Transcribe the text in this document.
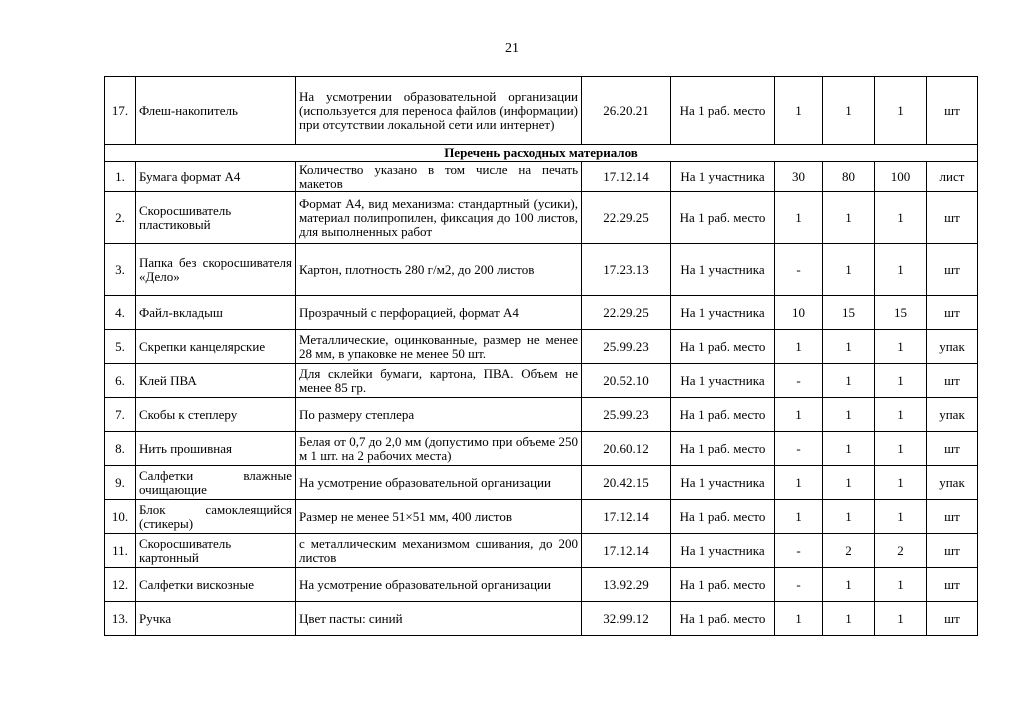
21
17.	Флеш-накопитель	На усмотрении образовательной организации (используется для переноса файлов (информации) при отсутствии локальной сети или интернет)	26.20.21	На 1 раб. место	1	1	1	шт
Перечень расходных материалов								
1.	Бумага формат А4	Количество указано в том числе на печать макетов	17.12.14	На 1 участника	30	80	100	лист
2.	Скоросшиватель пластиковый	Формат А4, вид механизма: стандартный (усики), материал полипропилен, фиксация до 100 листов, для выполненных работ	22.29.25	На 1 раб. место	1	1	1	шт
3.	Папка без скоросшивателя «Дело»	Картон, плотность 280 г/м2, до 200 листов	17.23.13	На 1 участника	-	1	1	шт
4.	Файл-вкладыш	Прозрачный с перфорацией, формат А4	22.29.25	На 1 участника	10	15	15	шт
5.	Скрепки канцелярские	Металлические, оцинкованные, размер не менее 28 мм, в упаковке не менее 50 шт.	25.99.23	На 1 раб. место	1	1	1	упак
6.	Клей ПВА	Для склейки бумаги, картона, ПВА. Объем не менее 85 гр.	20.52.10	На 1 участника	-	1	1	шт
7.	Скобы к степлеру	По размеру степлера	25.99.23	На 1 раб. место	1	1	1	упак
8.	Нить прошивная	Белая от 0,7 до 2,0 мм (допустимо при объеме 250 м 1 шт. на 2 рабочих места)	20.60.12	На 1 раб. место	-	1	1	шт
9.	Салфетки влажные очищающие	На усмотрение образовательной организации	20.42.15	На 1 участника	1	1	1	упак
10.	Блок самоклеящийся (стикеры)	Размер не менее 51×51 мм, 400 листов	17.12.14	На 1 раб. место	1	1	1	шт
11.	Скоросшиватель картонный	с металлическим механизмом сшивания, до 200 листов	17.12.14	На 1 участника	-	2	2	шт
12.	Салфетки вискозные	На усмотрение образовательной организации	13.92.29	На 1 раб. место	-	1	1	шт
13.	Ручка	Цвет пасты: синий	32.99.12	На 1 раб. место	1	1	1	шт
